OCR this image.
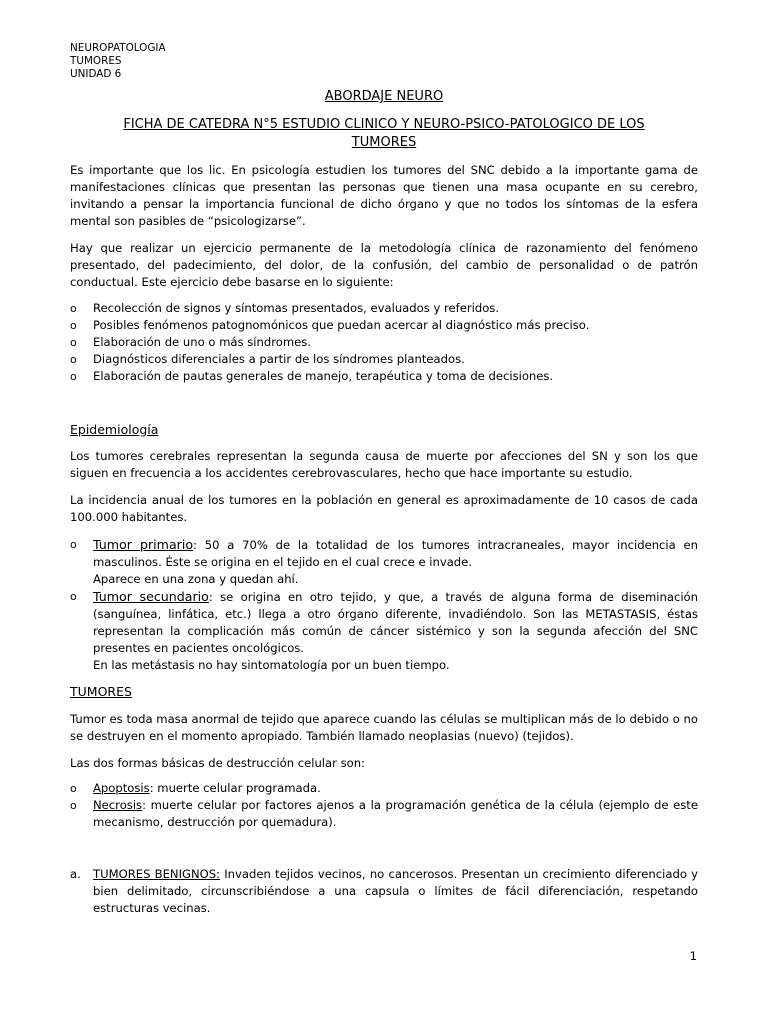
NEUROPATOLOGIA
TUMORES
UNIDAD 6
ABORDAJE NEURO
FICHA DE CATEDRA N°5 ESTUDIO CLINICO Y NEURO-PSICO-PATOLOGICO DE LOS TUMORES

Es importante que los lic. En psicología estudien los tumores del SNC debido a la importante gama de manifestaciones clínicas que presentan las personas que tienen una masa ocupante en su cerebro, invitando a pensar la importancia funcional de dicho órgano y que no todos los síntomas de la esfera mental son pasibles de “psicologizarse”.

Hay que realizar un ejercicio permanente de la metodología clínica de razonamiento del fenómeno presentado, del padecimiento, del dolor, de la confusión, del cambio de personalidad o de patrón conductual. Este ejercicio debe basarse en lo siguiente:

o Recolección de signos y síntomas presentados, evaluados y referidos.
o Posibles fenómenos patognomónicos que puedan acercar al diagnóstico más preciso.
o Elaboración de uno o más síndromes.
o Diagnósticos diferenciales a partir de los síndromes planteados.
o Elaboración de pautas generales de manejo, terapéutica y toma de decisiones.
Epidemiología

Los tumores cerebrales representan la segunda causa de muerte por afecciones del SN y son los que siguen en frecuencia a los accidentes cerebrovasculares, hecho que hace importante su estudio.

La incidencia anual de los tumores en la población en general es aproximadamente de 10 casos de cada 100.000 habitantes.

o Tumor primario: 50 a 70% de la totalidad de los tumores intracraneales, mayor incidencia en masculinos. Éste se origina en el tejido en el cual crece e invade.
Aparece en una zona y quedan ahí.
o Tumor secundario: se origina en otro tejido, y que, a través de alguna forma de diseminación (sanguínea, linfática, etc.) llega a otro órgano diferente, invadiéndolo. Son las METASTASIS, éstas representan la complicación más común de cáncer sistémico y son la segunda afección del SNC presentes en pacientes oncológicos.
En las metástasis no hay sintomatología por un buen tiempo.
TUMORES

Tumor es toda masa anormal de tejido que aparece cuando las células se multiplican más de lo debido o no se destruyen en el momento apropiado. También llamado neoplasias (nuevo) (tejidos).

Las dos formas básicas de destrucción celular son:

o Apoptosis: muerte celular programada.
o Necrosis: muerte celular por factores ajenos a la programación genética de la célula (ejemplo de este mecanismo, destrucción por quemadura).
a. TUMORES BENIGNOS: Invaden tejidos vecinos, no cancerosos. Presentan un crecimiento diferenciado y bien delimitado, circunscribiéndose a una capsula o límites de fácil diferenciación, respetando estructuras vecinas.
1
